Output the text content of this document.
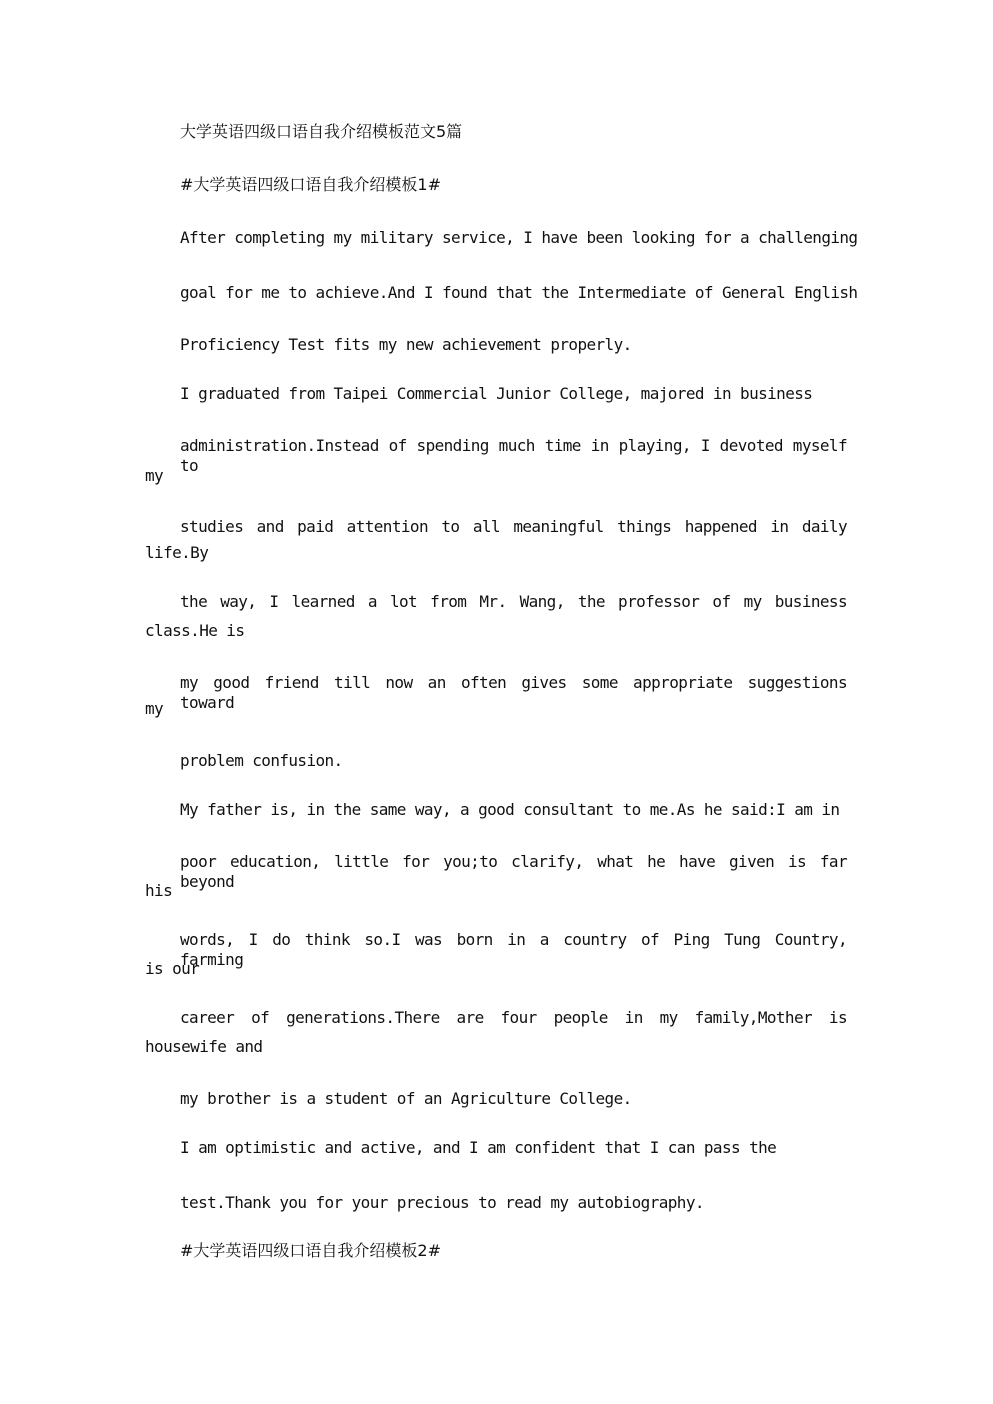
大学英语四级口语自我介绍模板范文5篇
#大学英语四级口语自我介绍模板1#
After completing my military service, I have been looking for a challenging
goal for me to achieve.And I found that the Intermediate of General English
Proficiency Test fits my new achievement properly.
I graduated from Taipei Commercial Junior College, majored in business
administration.Instead of spending much time in playing, I devoted myself to
my
studies and paid attention to all meaningful things happened in daily
life.By
the way, I learned a lot from Mr. Wang, the professor of my business
class.He is
my good friend till now an often gives some appropriate suggestions toward
my
problem confusion.
My father is, in the same way, a good consultant to me.As he said:I am in
poor education, little for you;to clarify, what he have given is far beyond
his
words, I do think so.I was born in a country of Ping Tung Country, farming
is our
career of generations.There are four people in my family,Mother is
housewife and
my brother is a student of an Agriculture College.
I am optimistic and active, and I am confident that I can pass the
test.Thank you for your precious to read my autobiography.
#大学英语四级口语自我介绍模板2#
